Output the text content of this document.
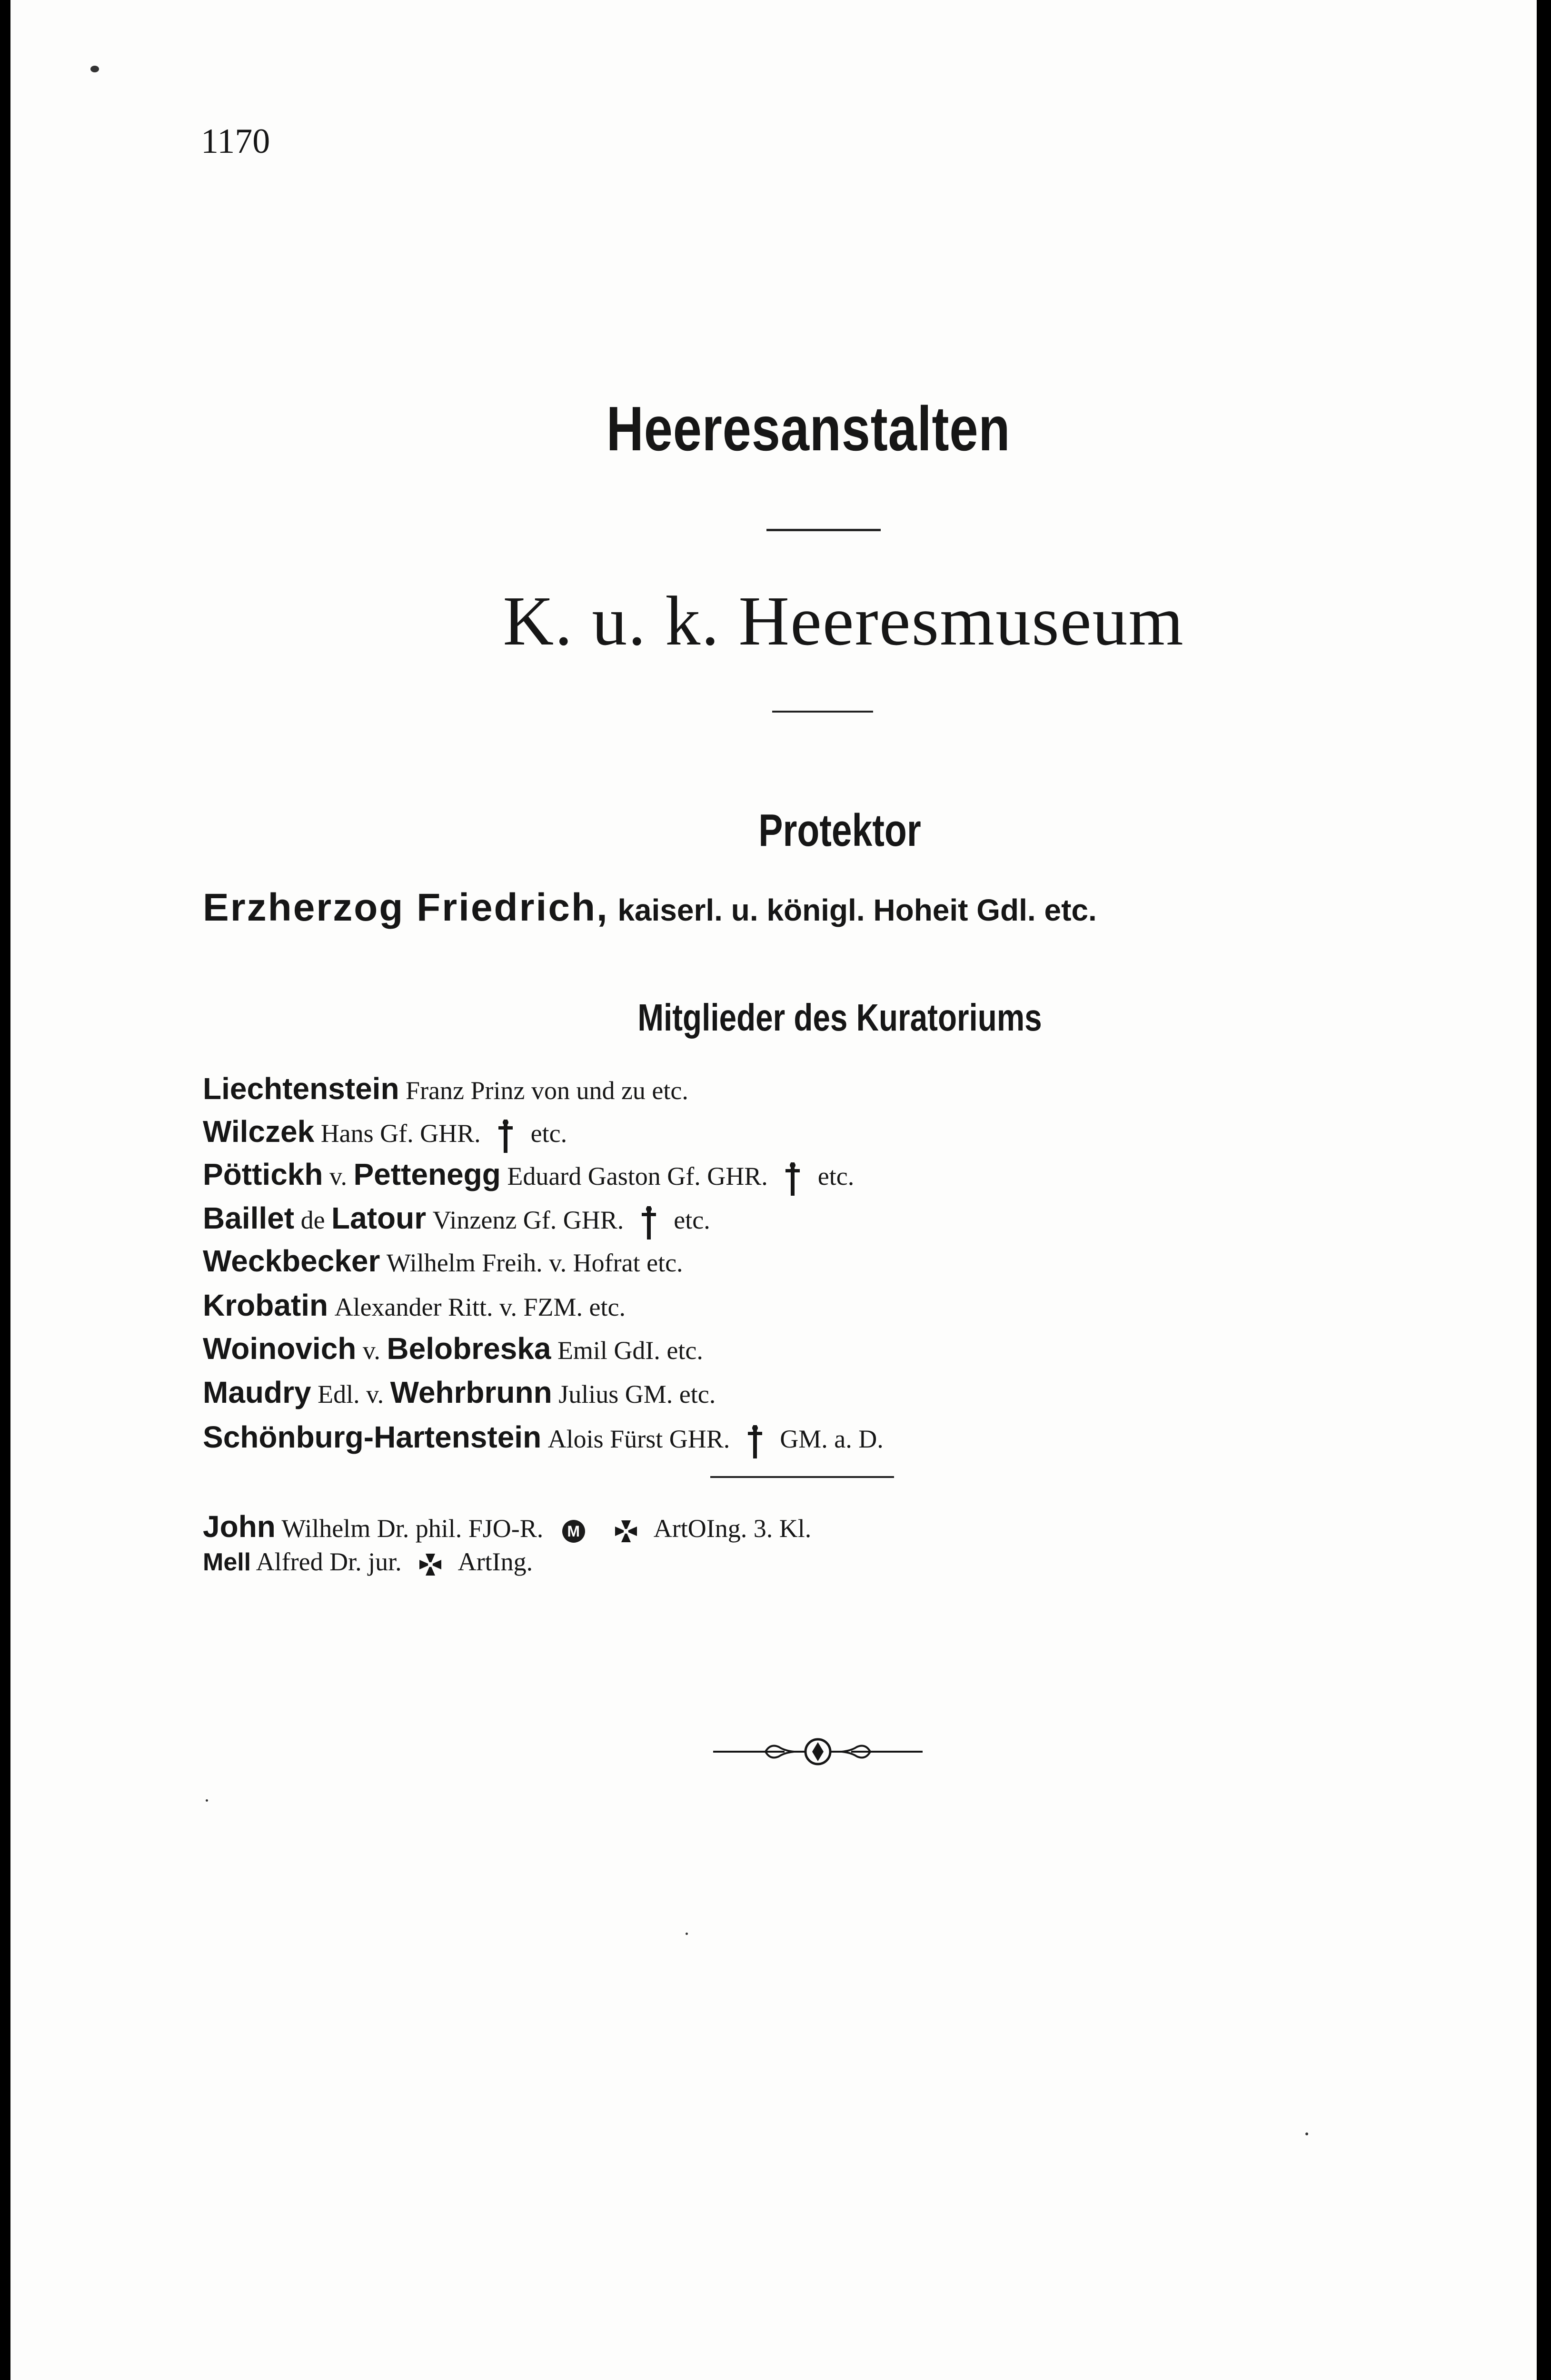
1170
Heeresanstalten
K. u. k. Heeresmuseum
Protektor
Erzherzog Friedrich, kaiserl. u. königl. Hoheit Gdl. etc.
Mitglieder des Kuratoriums
Liechtenstein Franz Prinz von und zu etc.
Wilczek Hans Gf. GHR. etc.
Pöttickh v. Pettenegg Eduard Gaston Gf. GHR. etc.
Baillet de Latour Vinzenz Gf. GHR. etc.
Weckbecker Wilhelm Freih. v. Hofrat etc.
Krobatin Alexander Ritt. v. FZM. etc.
Woinovich v. Belobreska Emil GdI. etc.
Maudry Edl. v. Wehrbrunn Julius GM. etc.
Schönburg-Hartenstein Alois Fürst GHR. GM. a. D.
John Wilhelm Dr. phil. FJO-R. M	ArtOIng. 3. Kl.
Mell Alfred Dr. jur. ArtIng.
